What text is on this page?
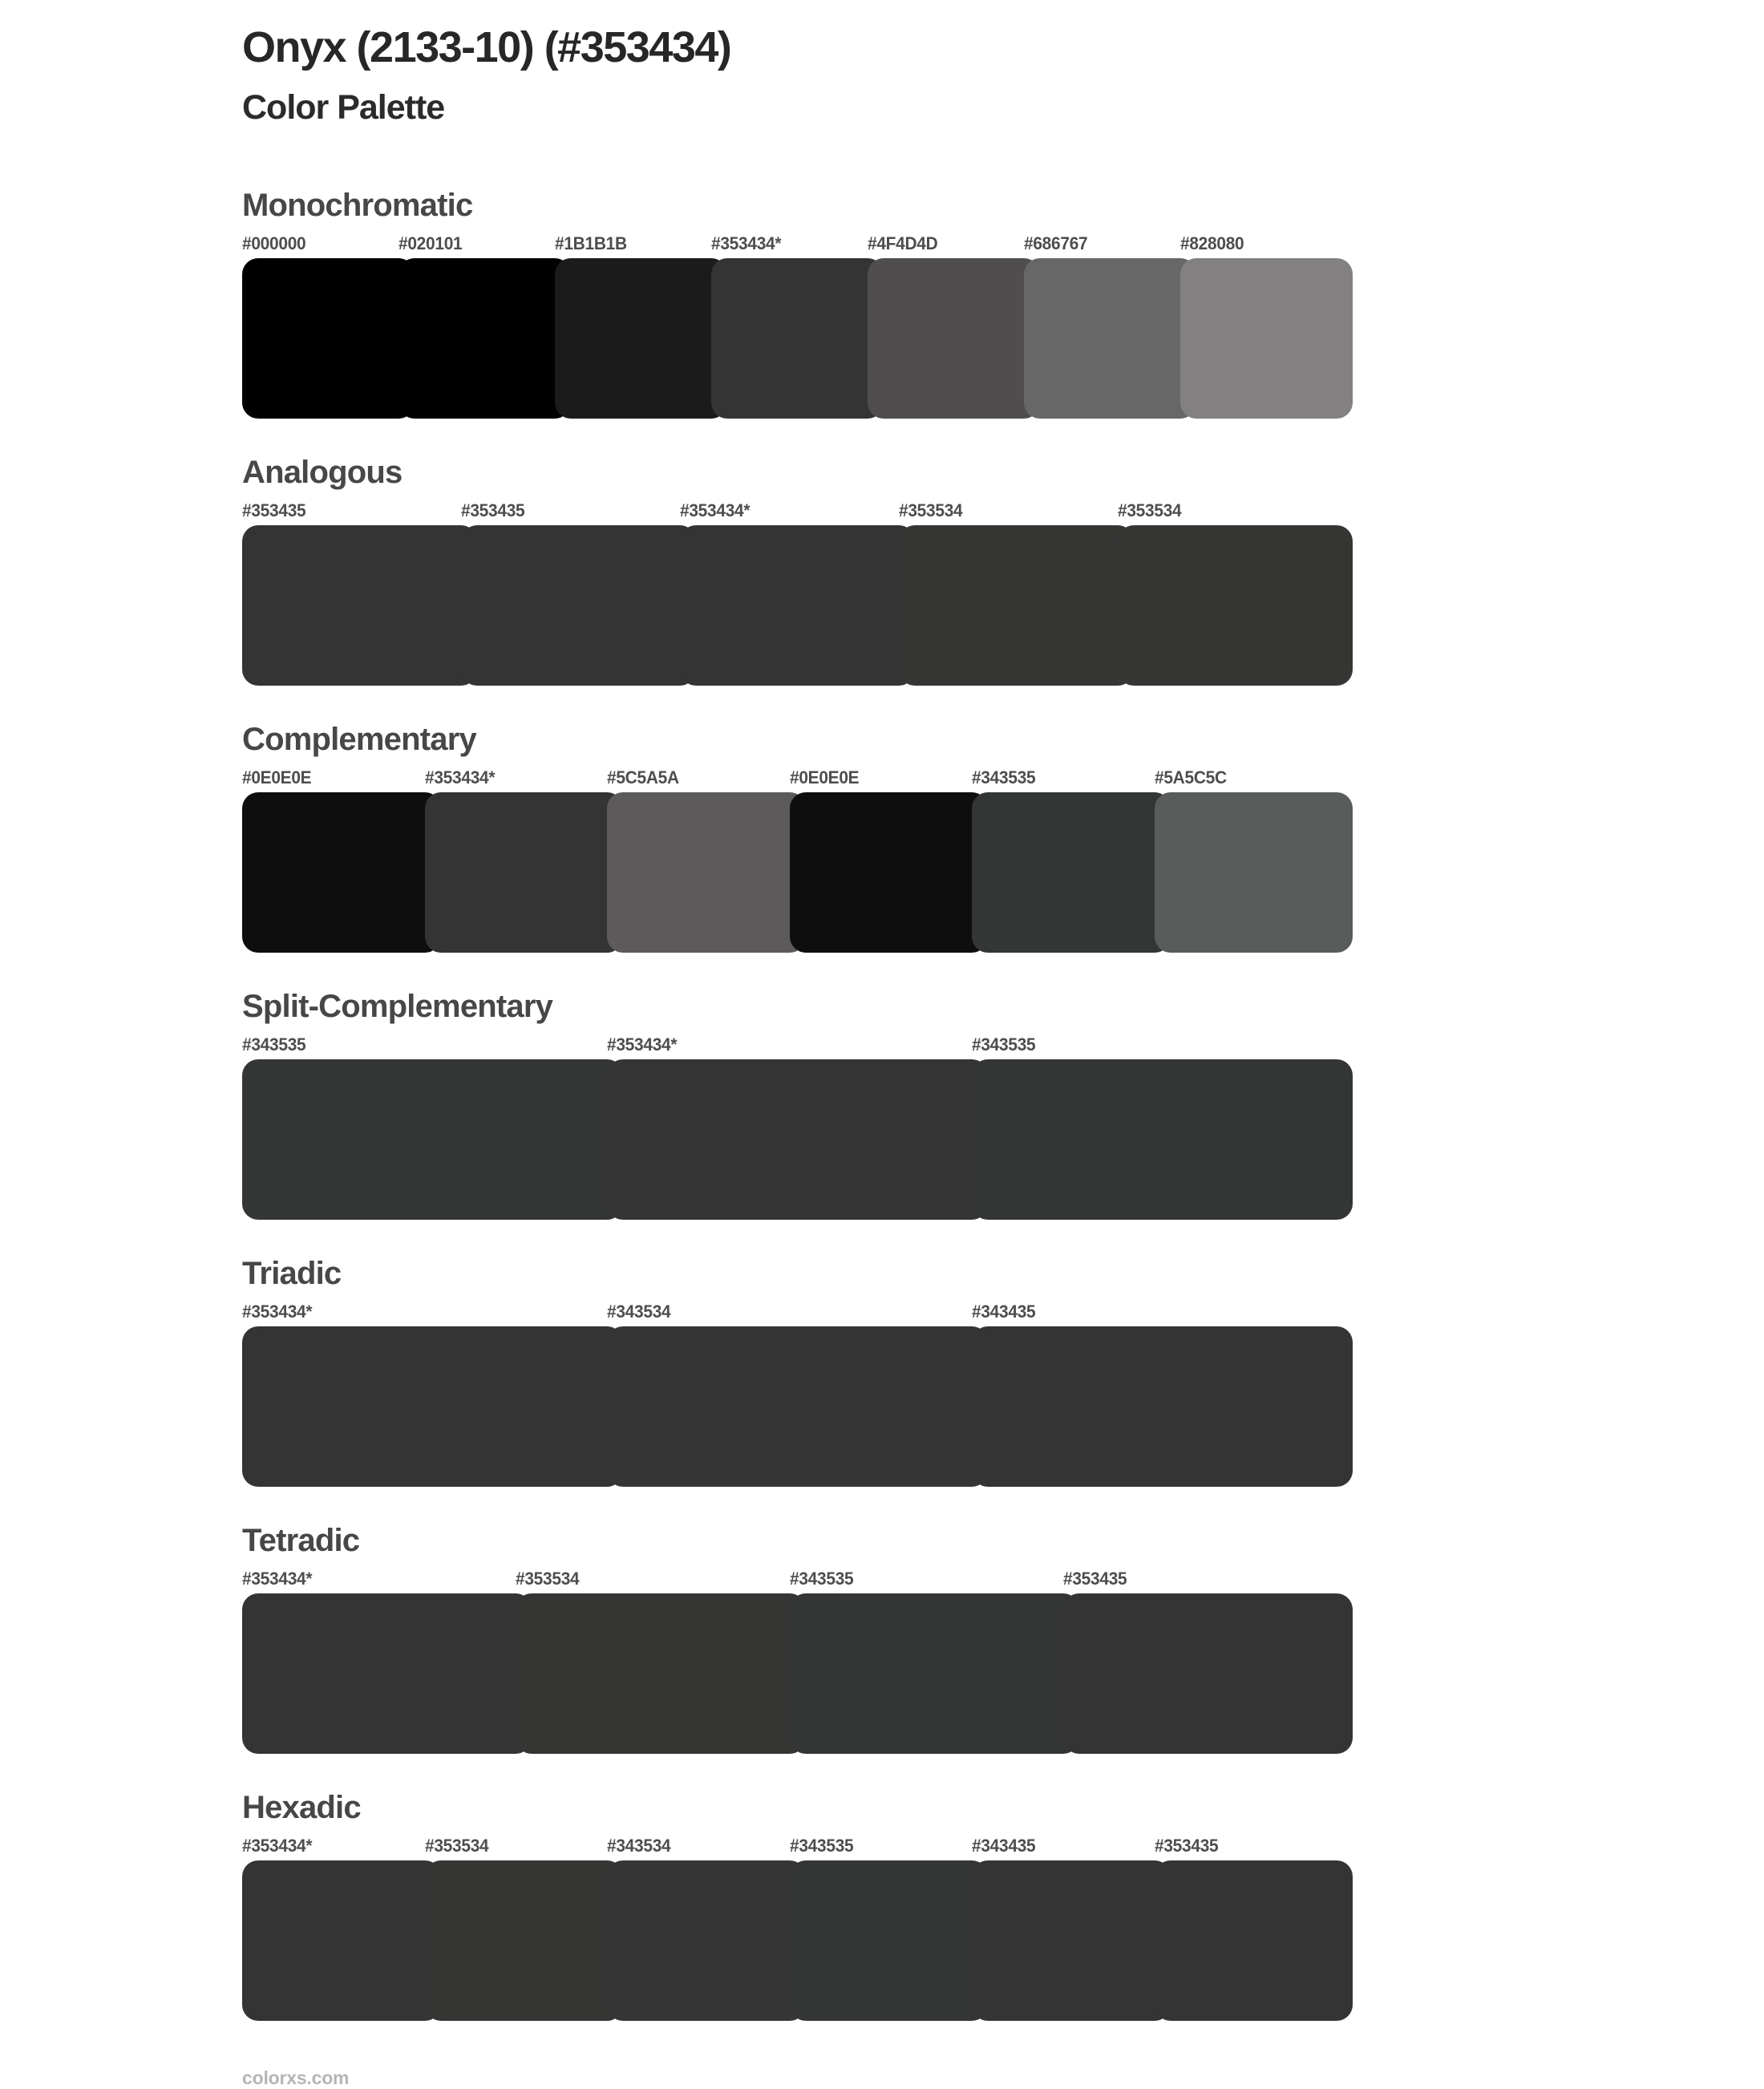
Onyx (2133-10) (#353434)
Color Palette
Monochromatic
#000000	#020101	#1B1B1B	#353434*	#4F4D4D	#686767	#828080
Analogous
#353435	#353435	#353434*	#353534	#353534
Complementary
#0E0E0E	#353434*	#5C5A5A	#0E0E0E	#343535	#5A5C5C
Split-Complementary
#343535	#353434*	#343535
Triadic
#353434*	#343534	#343435
Tetradic
#353434*	#353534	#343535	#353435
Hexadic
#353434*	#353534	#343534	#343535	#343435	#353435
colorxs.com
